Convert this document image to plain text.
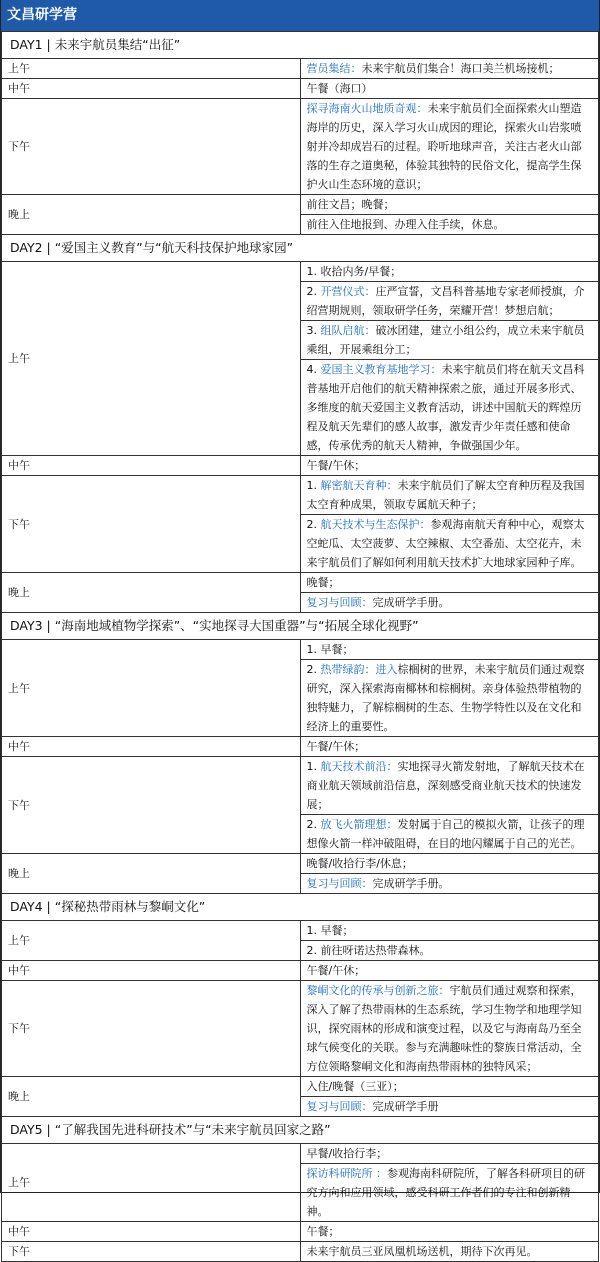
文昌研学营
DAY1 | 未来宇航员集结“出征”	
上午	营员集结：未来宇航员们集合！海口美兰机场接机；

中午	午餐（海口）

下午	探寻海南火山地质奇观：未来宇航员们全面探索火山塑造海岸的历史，深入学习火山成因的理论，探索火山岩浆喷射并冷却成岩石的过程。聆听地球声音，关注古老火山部落的生存之道奥秘，体验其独特的民俗文化，提高学生保护火山生态环境的意识；

晚上	前往文昌；晚餐；
前往入住地报到、办理入住手续，休息。

DAY2 | “爱国主义教育”与“航天科技保护地球家园”	
上午	1. 收拾内务/早餐；
2. 开营仪式：庄严宣誓，文昌科普基地专家老师授旗，介绍营期规则，领取研学任务，荣耀开营！梦想启航；
3. 组队启航：破冰团建，建立小组公约，成立未来宇航员乘组，开展乘组分工；
4. 爱国主义教育基地学习：未来宇航员们将在航天文昌科普基地开启他们的航天精神探索之旅，通过开展多形式、多维度的航天爱国主义教育活动，讲述中国航天的辉煌历程及航天先辈们的感人故事，激发青少年责任感和使命感，传承优秀的航天人精神，争做强国少年。

中午	午餐/午休；

下午	1. 解密航天育种：未来宇航员们了解太空育种历程及我国太空育种成果，领取专属航天种子；
2. 航天技术与生态保护：参观海南航天育种中心，观察太空蛇瓜、太空菠萝、太空辣椒、太空番茄、太空花卉，未来宇航员们了解如何利用航天技术扩大地球家园种子库。

晚上	晚餐；
复习与回顾：完成研学手册。

DAY3 | “海南地域植物学探索”、“实地探寻大国重器”与“拓展全球化视野”	
上午	1. 早餐；
2. 热带绿韵：进入棕榈树的世界，未来宇航员们通过观察研究，深入探索海南椰林和棕榈树。亲身体验热带植物的独特魅力，了解棕榈树的生态、生物学特性以及在文化和经济上的重要性。

中午	午餐/午休；

下午	1. 航天技术前沿：实地探寻火箭发射地，了解航天技术在商业航天领域前沿信息，深刻感受商业航天技术的快速发展；
2. 放飞火箭理想：发射属于自己的模拟火箭，让孩子的理想像火箭一样冲破阻碍，在目的地闪耀属于自己的光芒。

晚上	晚餐/收拾行李/休息；
复习与回顾：完成研学手册。

DAY4 | “探秘热带雨林与黎峒文化”	
上午	1. 早餐；
2. 前往呀诺达热带森林。

中午	午餐/午休；

下午	黎峒文化的传承与创新之旅：宇航员们通过观察和探索，深入了解了热带雨林的生态系统，学习生物学和地理学知识，探究雨林的形成和演变过程，以及它与海南岛乃至全球气候变化的关联。参与充满趣味性的黎族日常活动，全方位领略黎峒文化和海南热带雨林的独特风采；

晚上	入住/晚餐（三亚）；
复习与回顾：完成研学手册

DAY5 | “了解我国先进科研技术”与“未来宇航员回家之路”	
上午	早餐/收拾行李；
探访科研院所 ：参观海南科研院所，了解各科研项目的研究方向和应用领域，感受科研工作者们的专注和创新精神。

中午	午餐；

下午	未来宇航员三亚凤凰机场送机，期待下次再见。
